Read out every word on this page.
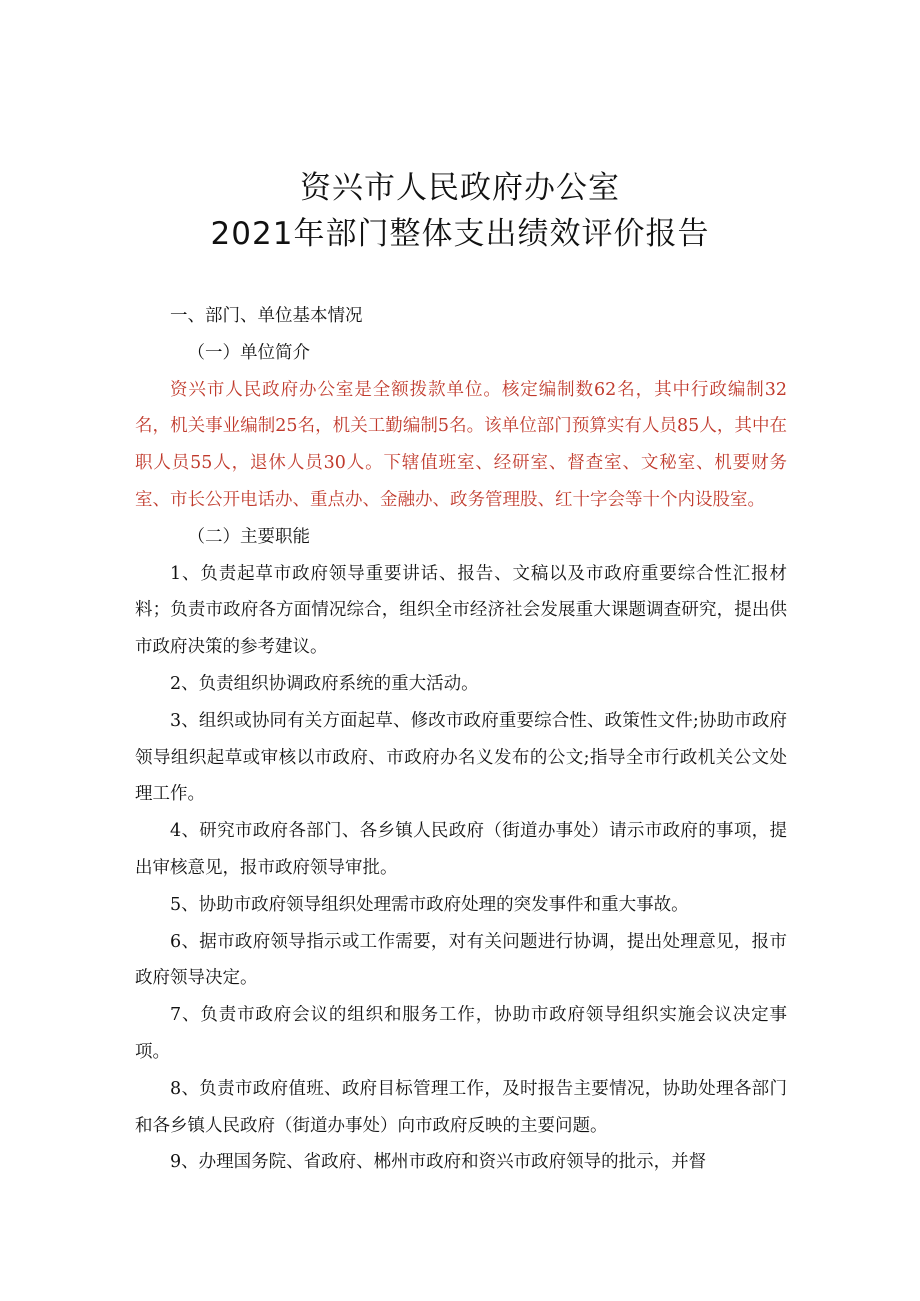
资兴市人民政府办公室
2021年部门整体支出绩效评价报告

一、部门、单位基本情况

（一）单位简介

资兴市人民政府办公室是全额拨款单位。核定编制数62名，其中行政编制32名，机关事业编制25名，机关工勤编制5名。该单位部门预算实有人员85人，其中在职人员55人，退休人员30人。下辖值班室、经研室、督查室、文秘室、机要财务室、市长公开电话办、重点办、金融办、政务管理股、红十字会等十个内设股室。

（二）主要职能

1、负责起草市政府领导重要讲话、报告、文稿以及市政府重要综合性汇报材料；负责市政府各方面情况综合，组织全市经济社会发展重大课题调查研究，提出供市政府决策的参考建议。

2、负责组织协调政府系统的重大活动。

3、组织或协同有关方面起草、修改市政府重要综合性、政策性文件;协助市政府领导组织起草或审核以市政府、市政府办名义发布的公文;指导全市行政机关公文处理工作。

4、研究市政府各部门、各乡镇人民政府（街道办事处）请示市政府的事项，提出审核意见，报市政府领导审批。

5、协助市政府领导组织处理需市政府处理的突发事件和重大事故。

6、据市政府领导指示或工作需要，对有关问题进行协调，提出处理意见，报市政府领导决定。

7、负责市政府会议的组织和服务工作，协助市政府领导组织实施会议决定事项。

8、负责市政府值班、政府目标管理工作，及时报告主要情况，协助处理各部门和各乡镇人民政府（街道办事处）向市政府反映的主要问题。

9、办理国务院、省政府、郴州市政府和资兴市政府领导的批示，并督
